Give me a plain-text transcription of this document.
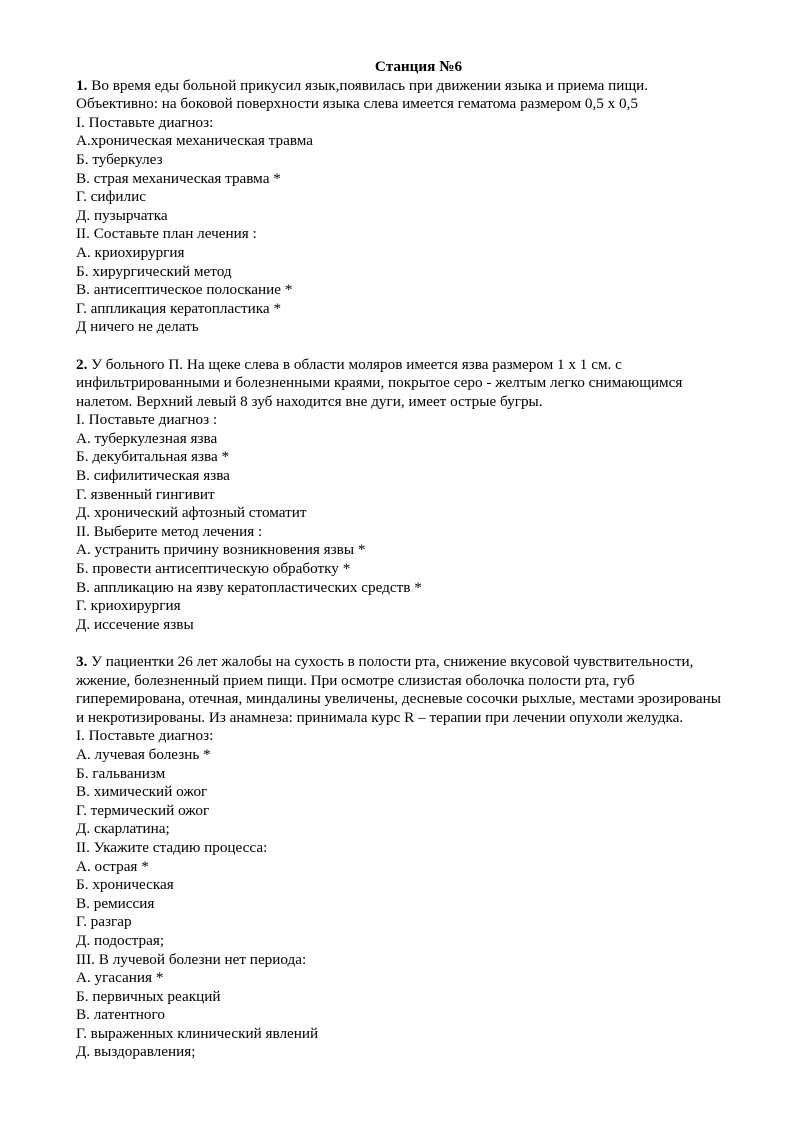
Станция №6
1. Во время еды больной прикусил язык,появилась при движении языка и приема пищи.
Объективно: на боковой поверхности языка слева имеется гематома размером 0,5 х 0,5
I. Поставьте диагноз:
А.хроническая механическая травма
Б. туберкулез
В. страя механическая травма *
Г. сифилис
Д. пузырчатка
II. Составьте план лечения :
А. криохирургия
Б. хирургический метод
В. антисептическое полоскание *
Г. аппликация кератопластика *
Д ничего не делать
2. У больного П. На щеке слева в области моляров имеется язва размером 1 х 1 см. с
инфильтрированными и болезненными краями, покрытое серо - желтым легко снимающимся
налетом. Верхний левый 8 зуб находится вне дуги, имеет острые бугры.
I. Поставьте диагноз :
А. туберкулезная язва
Б. декубитальная язва *
В. сифилитическая язва
Г. язвенный гингивит
Д. хронический афтозный стоматит
II. Выберите метод лечения :
А. устранить причину возникновения язвы *
Б. провести антисептическую обработку *
В. аппликацию на язву кератопластических средств *
Г. криохирургия
Д. иссечение язвы
3. У пациентки 26 лет жалобы на сухость в полости рта, снижение вкусовой чувствительности,
жжение, болезненный прием пищи. При осмотре слизистая оболочка полости рта, губ
гиперемирована, отечная, миндалины увеличены, десневые сосочки рыхлые, местами эрозированы
и некротизированы. Из анамнеза: принимала курс R – терапии при лечении опухоли желудка.
I. Поставьте диагноз:
А. лучевая болезнь *
Б. гальванизм
В. химический ожог
Г. термический ожог
Д. скарлатина;
II. Укажите стадию процесса:
А. острая *
Б. хроническая
В. ремиссия
Г. разгар
Д. подострая;
III. В лучевой болезни нет периода:
А. угасания *
Б. первичных реакций
В. латентного
Г. выраженных клинический явлений
Д. выздоравления;
